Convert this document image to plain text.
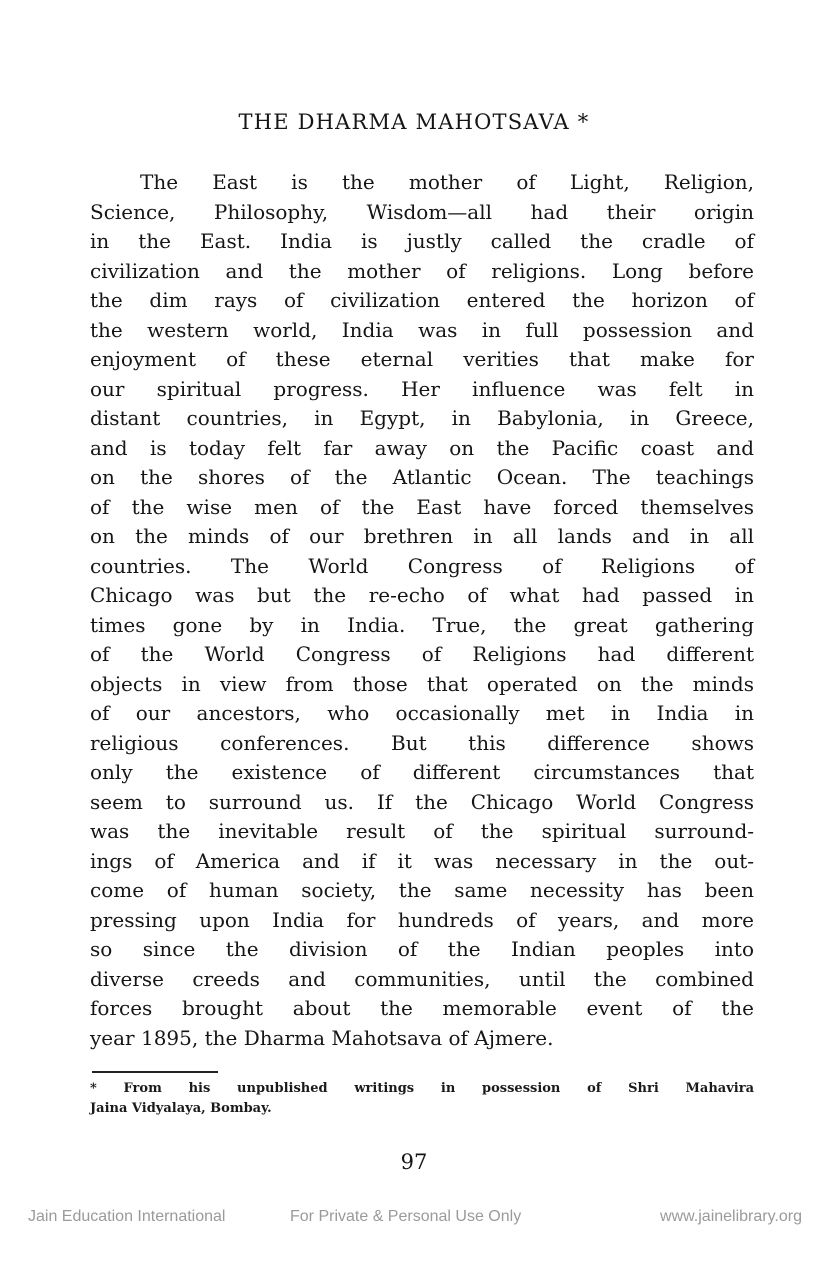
THE DHARMA MAHOTSAVA *
The East is the mother of Light, Religion,
Science, Philosophy, Wisdom—all had their origin
in the East. India is justly called the cradle of
civilization and the mother of religions. Long before
the dim rays of civilization entered the horizon of
the western world, India was in full possession and
enjoyment of these eternal verities that make for
our spiritual progress. Her influence was felt in
distant countries, in Egypt, in Babylonia, in Greece,
and is today felt far away on the Pacific coast and
on the shores of the Atlantic Ocean. The teachings
of the wise men of the East have forced themselves
on the minds of our brethren in all lands and in all
countries. The World Congress of Religions of
Chicago was but the re-echo of what had passed in
times gone by in India. True, the great gathering
of the World Congress of Religions had different
objects in view from those that operated on the minds
of our ancestors, who occasionally met in India in
religious conferences. But this difference shows
only the existence of different circumstances that
seem to surround us. If the Chicago World Congress
was the inevitable result of the spiritual surround-
ings of America and if it was necessary in the out-
come of human society, the same necessity has been
pressing upon India for hundreds of years, and more
so since the division of the Indian peoples into
diverse creeds and communities, until the combined
forces brought about the memorable event of the
year 1895, the Dharma Mahotsava of Ajmere.
* From his unpublished writings in possession of Shri Mahavira
Jaina Vidyalaya, Bombay.
97
Jain Education International	For Private & Personal Use Only	www.jainelibrary.org
